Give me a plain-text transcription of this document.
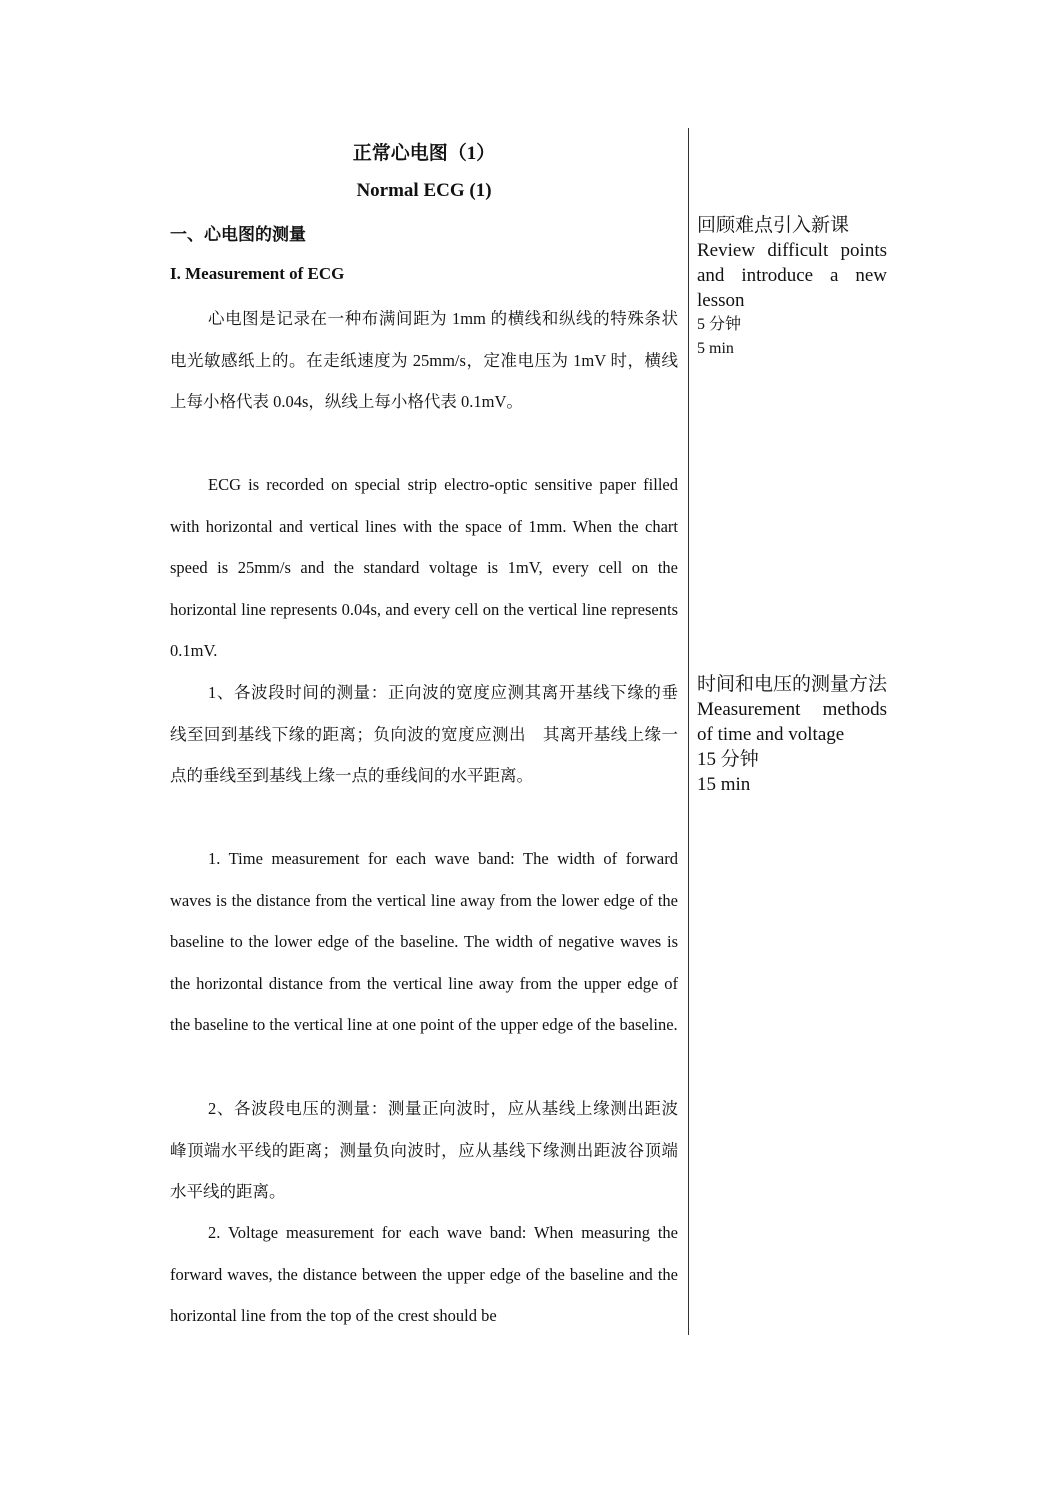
正常心电图（1）

Normal ECG (1)

一、心电图的测量

I. Measurement of ECG

心电图是记录在一种布满间距为 1mm 的横线和纵线的特殊条状电光敏感纸上的。在走纸速度为 25mm/s，定准电压为 1mV 时，横线上每小格代表 0.04s，纵线上每小格代表 0.1mV。

ECG is recorded on special strip electro-optic sensitive paper filled with horizontal and vertical lines with the space of 1mm. When the chart speed is 25mm/s and the standard voltage is 1mV, every cell on the horizontal line represents 0.04s, and every cell on the vertical line represents 0.1mV.

1、各波段时间的测量：正向波的宽度应测其离开基线下缘的垂线至回到基线下缘的距离；负向波的宽度应测出　其离开基线上缘一点的垂线至到基线上缘一点的垂线间的水平距离。

1. Time measurement for each wave band: The width of forward waves is the distance from the vertical line away from the lower edge of the baseline to the lower edge of the baseline. The width of negative waves is the horizontal distance from the vertical line away from the upper edge of the baseline to the vertical line at one point of the upper edge of the baseline.

2、各波段电压的测量：测量正向波时，应从基线上缘测出距波峰顶端水平线的距离；测量负向波时，应从基线下缘测出距波谷顶端水平线的距离。

2. Voltage measurement for each wave band: When measuring the forward waves, the distance between the upper edge of the baseline and the horizontal line from the top of the crest should be

回顾难点引入新课

Review difficult points and introduce a new lesson

5 分钟

5 min

时间和电压的测量方法

Measurement methods of time and voltage

15 分钟

15 min
